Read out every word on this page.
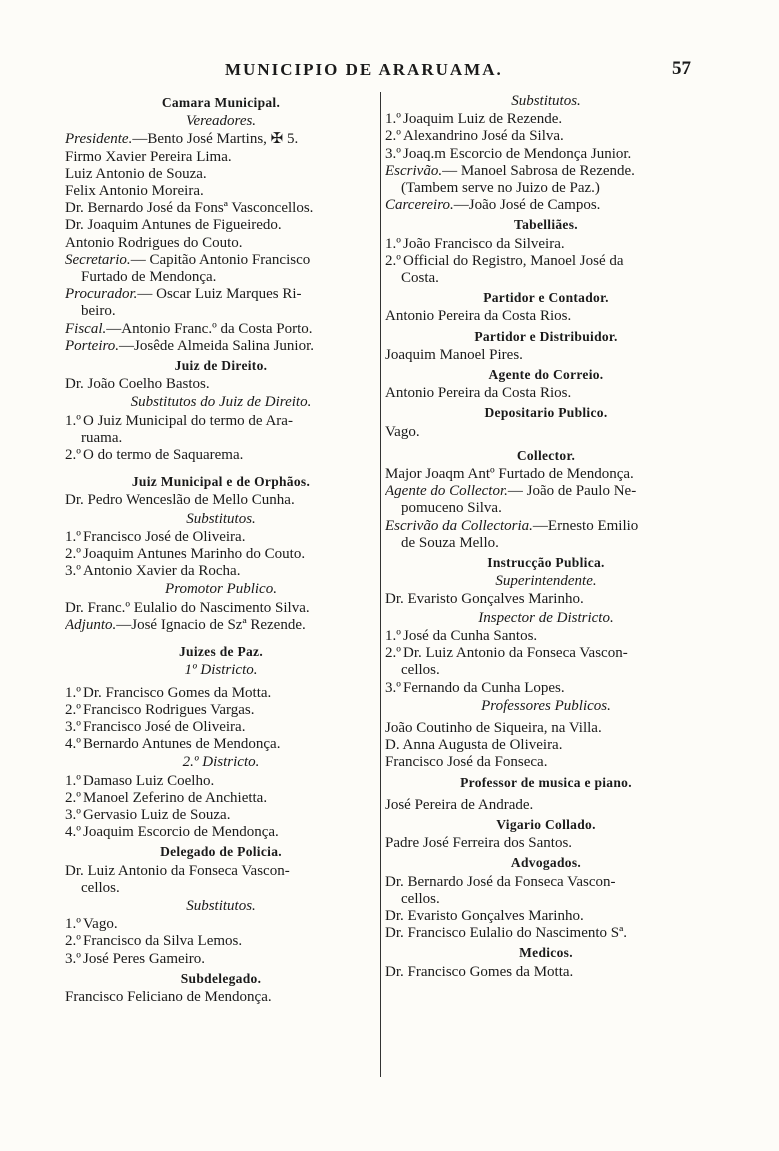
MUNICIPIO DE ARARUAMA.	57
Camara Municipal.
Vereadores.
Presidente.—Bento José Martins, ✠ 5.
Firmo Xavier Pereira Lima.
Luiz Antonio de Souza.
Felix Antonio Moreira.
Dr. Bernardo José da Fonsª Vasconcellos.
Dr. Joaquim Antunes de Figueiredo.
Antonio Rodrigues do Couto.
Secretario.— Capitão Antonio Francisco
Furtado de Mendonça.
Procurador.— Oscar Luiz Marques Ri-
beiro.
Fiscal.—Antonio Franc.º da Costa Porto.
Porteiro.—Josêde Almeida Salina Junior.
Juiz de Direito.
Dr. João Coelho Bastos.
Substitutos do Juiz de Direito.
1.º O Juiz Municipal do termo de Ara-
ruama.
2.º O do termo de Saquarema.
Juiz Municipal e de Orphãos.
Dr. Pedro Wenceslão de Mello Cunha.
Substitutos.
1.º Francisco José de Oliveira.
2.º Joaquim Antunes Marinho do Couto.
3.º Antonio Xavier da Rocha.
Promotor Publico.
Dr. Franc.º Eulalio do Nascimento Silva.
Adjunto.—José Ignacio de Szª Rezende.
Juizes de Paz.
1º Districto.
1.º Dr. Francisco Gomes da Motta.
2.º Francisco Rodrigues Vargas.
3.º Francisco José de Oliveira.
4.º Bernardo Antunes de Mendonça.
2.º Districto.
1.º Damaso Luiz Coelho.
2.º Manoel Zeferino de Anchietta.
3.º Gervasio Luiz de Souza.
4.º Joaquim Escorcio de Mendonça.
Delegado de Policia.
Dr. Luiz Antonio da Fonseca Vascon-
cellos.
Substitutos.
1.º Vago.
2.º Francisco da Silva Lemos.
3.º José Peres Gameiro.
Subdelegado.
Francisco Feliciano de Mendonça.
Substitutos.
1.º Joaquim Luiz de Rezende.
2.º Alexandrino José da Silva.
3.º Joaq.m Escorcio de Mendonça Junior.
Escrivão.— Manoel Sabrosa de Rezende.
(Tambem serve no Juizo de Paz.)
Carcereiro.—João José de Campos.
Tabelliães.
1.º João Francisco da Silveira.
2.º Official do Registro, Manoel José da
Costa.
Partidor e Contador.
Antonio Pereira da Costa Rios.
Partidor e Distribuidor.
Joaquim Manoel Pires.
Agente do Correio.
Antonio Pereira da Costa Rios.
Depositario Publico.
Vago.
Collector.
Major Joaqm Antº Furtado de Mendonça.
Agente do Collector.— João de Paulo Ne-
pomuceno Silva.
Escrivão da Collectoria.—Ernesto Emilio
de Souza Mello.
Instrucção Publica.
Superintendente.
Dr. Evaristo Gonçalves Marinho.
Inspector de Districto.
1.º José da Cunha Santos.
2.º Dr. Luiz Antonio da Fonseca Vascon-
cellos.
3.º Fernando da Cunha Lopes.
Professores Publicos.
João Coutinho de Siqueira, na Villa.
D. Anna Augusta de Oliveira.
Francisco José da Fonseca.
Professor de musica e piano.
José Pereira de Andrade.
Vigario Collado.
Padre José Ferreira dos Santos.
Advogados.
Dr. Bernardo José da Fonseca Vascon-
cellos.
Dr. Evaristo Gonçalves Marinho.
Dr. Francisco Eulalio do Nascimento Sª.
Medicos.
Dr. Francisco Gomes da Motta.
